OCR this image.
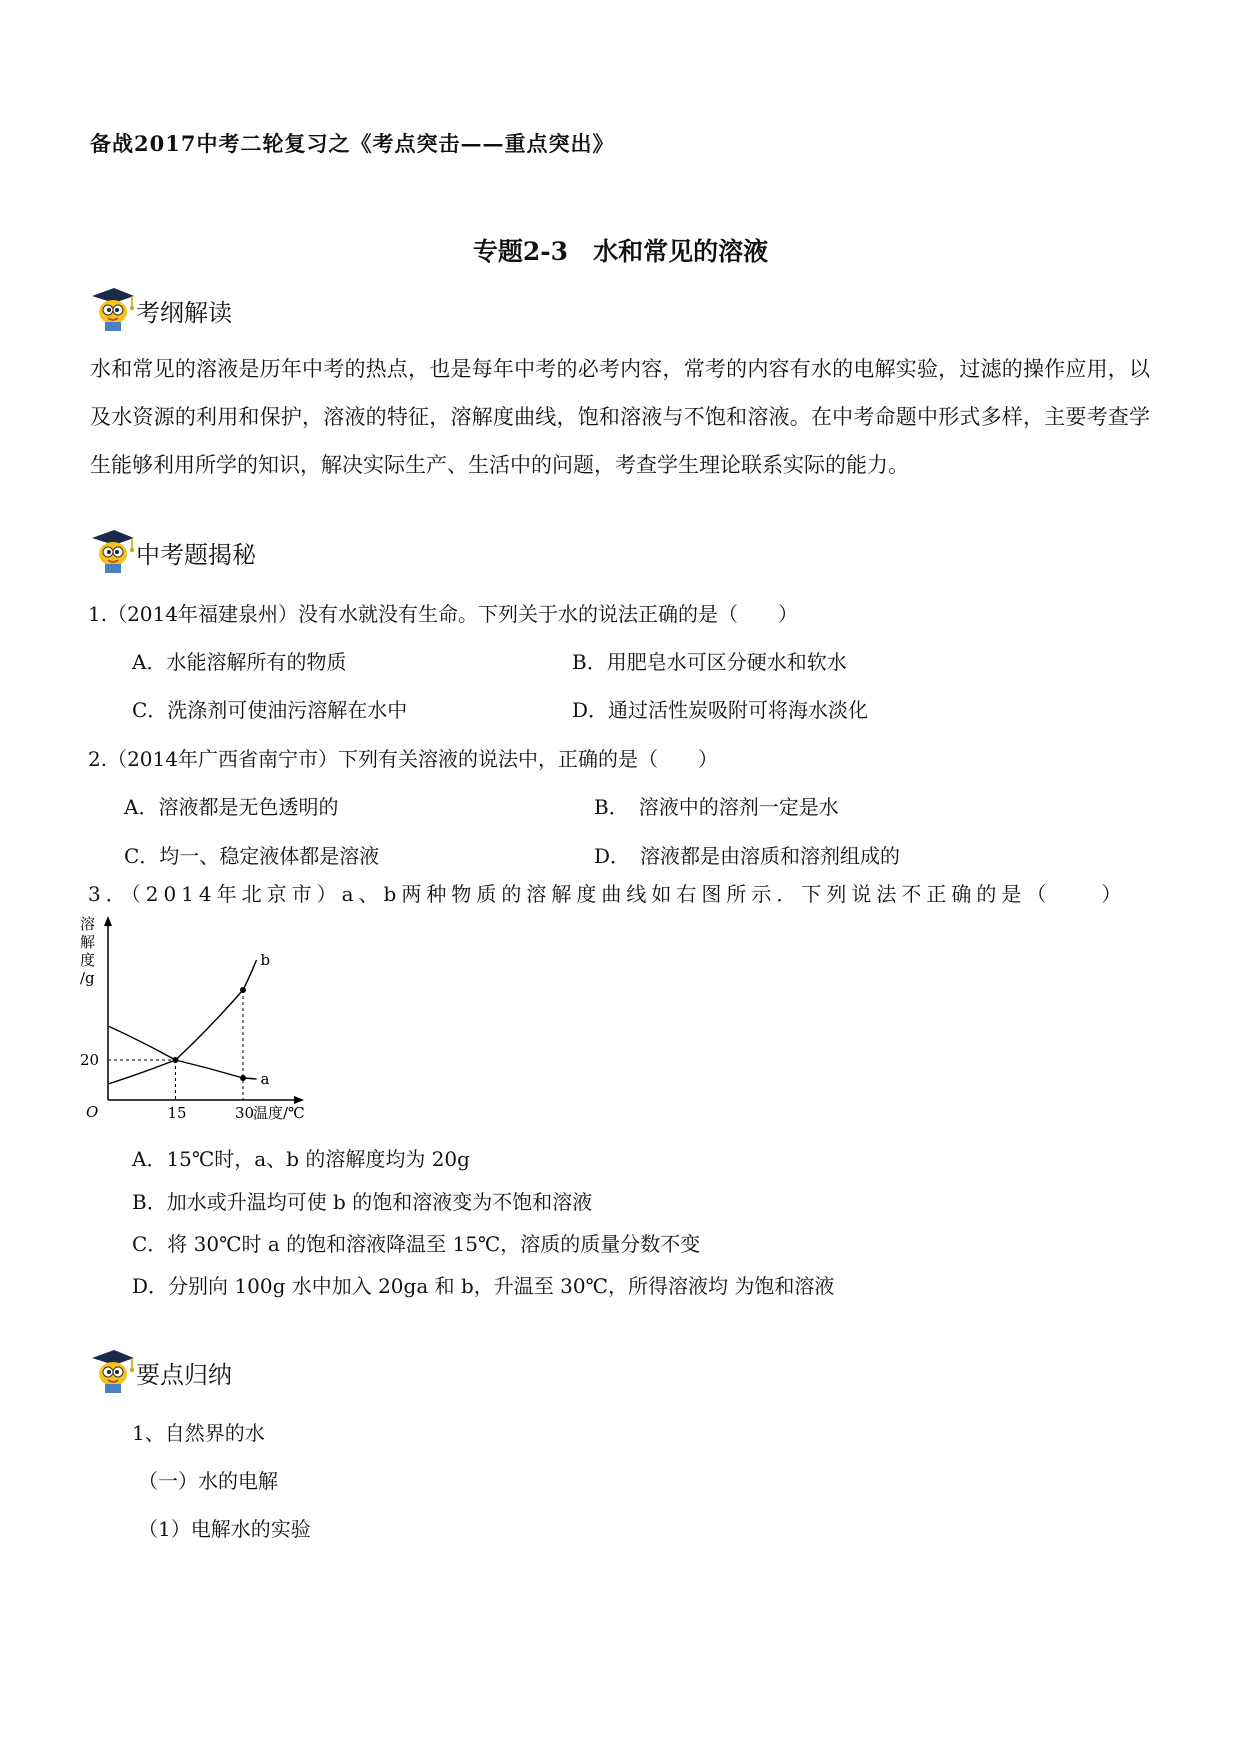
备战2017中考二轮复习之《考点突击——重点突出》
专题2-3　水和常见的溶液
考纲解读
水和常见的溶液是历年中考的热点，也是每年中考的必考内容，常考的内容有水的电解实验，过滤的操作应用，以及水资源的利用和保护，溶液的特征，溶解度曲线，饱和溶液与不饱和溶液。在中考命题中形式多样，主要考查学生能够利用所学的知识，解决实际生产、生活中的问题，考查学生理论联系实际的能力。
中考题揭秘
1.（2014年福建泉州）没有水就没有生命。下列关于水的说法正确的是（　　）
A．水能溶解所有的物质	B．用肥皂水可区分硬水和软水
C．洗涤剂可使油污溶解在水中	D．通过活性炭吸附可将海水淡化
2.（2014年广西省南宁市）下列有关溶液的说法中，正确的是（　　）
A．溶液都是无色透明的	B．　溶液中的溶剂一定是水
C．均一、稳定液体都是溶液	D．　溶液都是由溶质和溶剂组成的
3．（2014年北京市）a、b两种物质的溶解度曲线如右图所示．下列说法不正确的是（　　）
溶
解
度
/g
O
a
b
15	30
温度/℃
20
A．15℃时，a、b 的溶解度均为 20g
B．加水或升温均可使 b 的饱和溶液变为不饱和溶液
C．将 30℃时 a 的饱和溶液降温至 15℃，溶质的质量分数不变
D．分别向 100g 水中加入 20ga 和 b，升温至 30℃，所得溶液均 为饱和溶液
要点归纳
1、自然界的水
（一）水的电解
（1）电解水的实验
